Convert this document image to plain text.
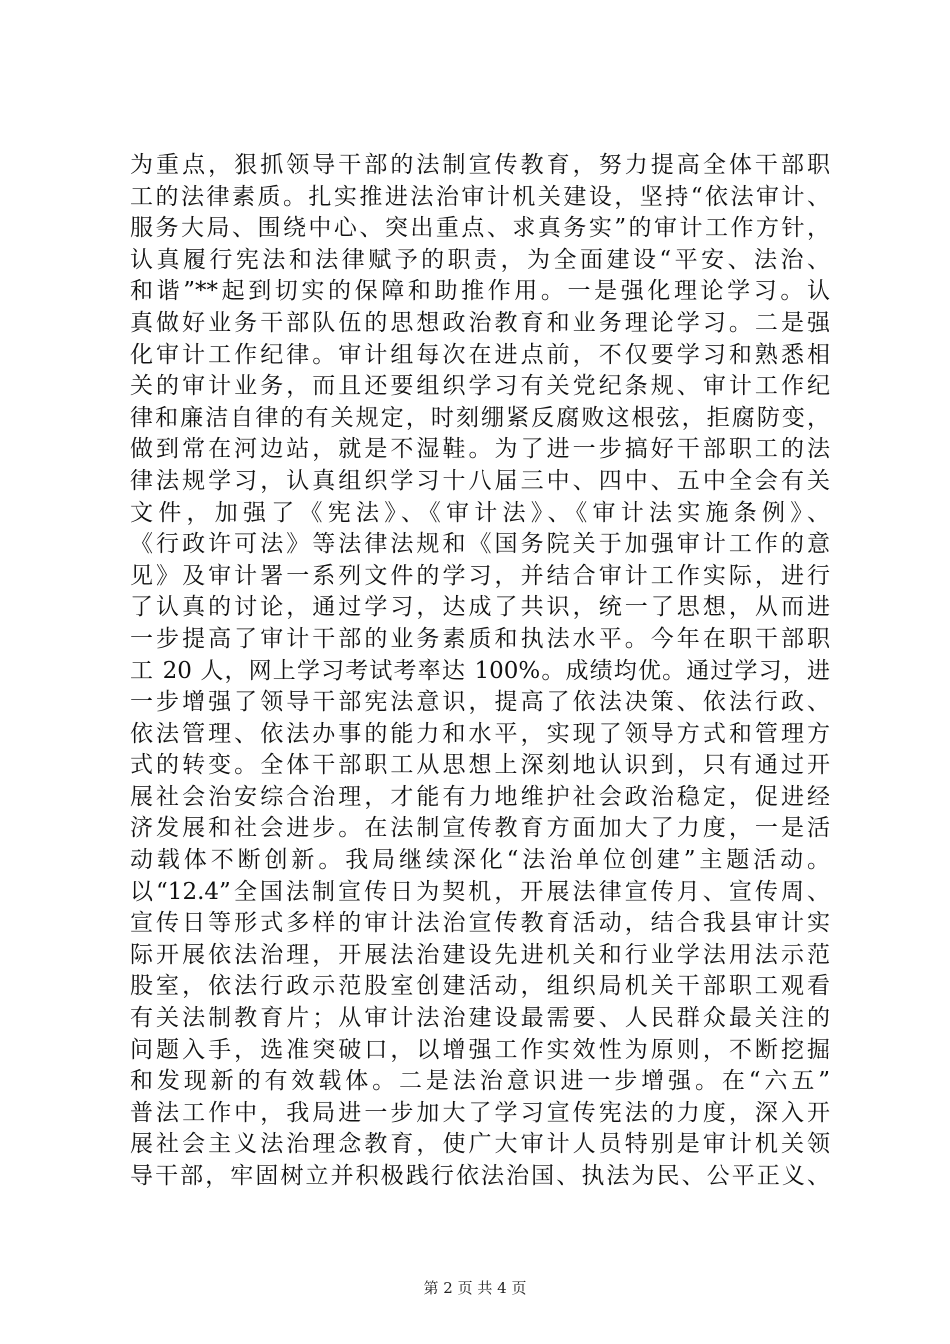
为重点，狠抓领导干部的法制宣传教育，努力提高全体干部职
工的法律素质。扎实推进法治审计机关建设，坚持“依法审计、
服务大局、围绕中心、突出重点、求真务实”的审计工作方针，
认真履行宪法和法律赋予的职责，为全面建设“平安、法治、
和谐”**起到切实的保障和助推作用。一是强化理论学习。认
真做好业务干部队伍的思想政治教育和业务理论学习。二是强
化审计工作纪律。审计组每次在进点前，不仅要学习和熟悉相
关的审计业务，而且还要组织学习有关党纪条规、审计工作纪
律和廉洁自律的有关规定，时刻绷紧反腐败这根弦，拒腐防变，
做到常在河边站，就是不湿鞋。为了进一步搞好干部职工的法
律法规学习，认真组织学习十八届三中、四中、五中全会有关
文件，加强了《宪法》、《审计法》、《审计法实施条例》、
《行政许可法》等法律法规和《国务院关于加强审计工作的意
见》及审计署一系列文件的学习，并结合审计工作实际，进行
了认真的讨论，通过学习，达成了共识，统一了思想，从而进
一步提高了审计干部的业务素质和执法水平。今年在职干部职
工 20 人，网上学习考试考率达 100%。成绩均优。通过学习，进
一步增强了领导干部宪法意识，提高了依法决策、依法行政、
依法管理、依法办事的能力和水平，实现了领导方式和管理方
式的转变。全体干部职工从思想上深刻地认识到，只有通过开
展社会治安综合治理，才能有力地维护社会政治稳定，促进经
济发展和社会进步。在法制宣传教育方面加大了力度，一是活
动载体不断创新。我局继续深化“法治单位创建”主题活动。
以“12.4”全国法制宣传日为契机，开展法律宣传月、宣传周、
宣传日等形式多样的审计法治宣传教育活动，结合我县审计实
际开展依法治理，开展法治建设先进机关和行业学法用法示范
股室，依法行政示范股室创建活动，组织局机关干部职工观看
有关法制教育片；从审计法治建设最需要、人民群众最关注的
问题入手，选准突破口，以增强工作实效性为原则，不断挖掘
和发现新的有效载体。二是法治意识进一步增强。在“六五”
普法工作中，我局进一步加大了学习宣传宪法的力度，深入开
展社会主义法治理念教育，使广大审计人员特别是审计机关领
导干部，牢固树立并积极践行依法治国、执法为民、公平正义、
第 2 页 共 4 页
